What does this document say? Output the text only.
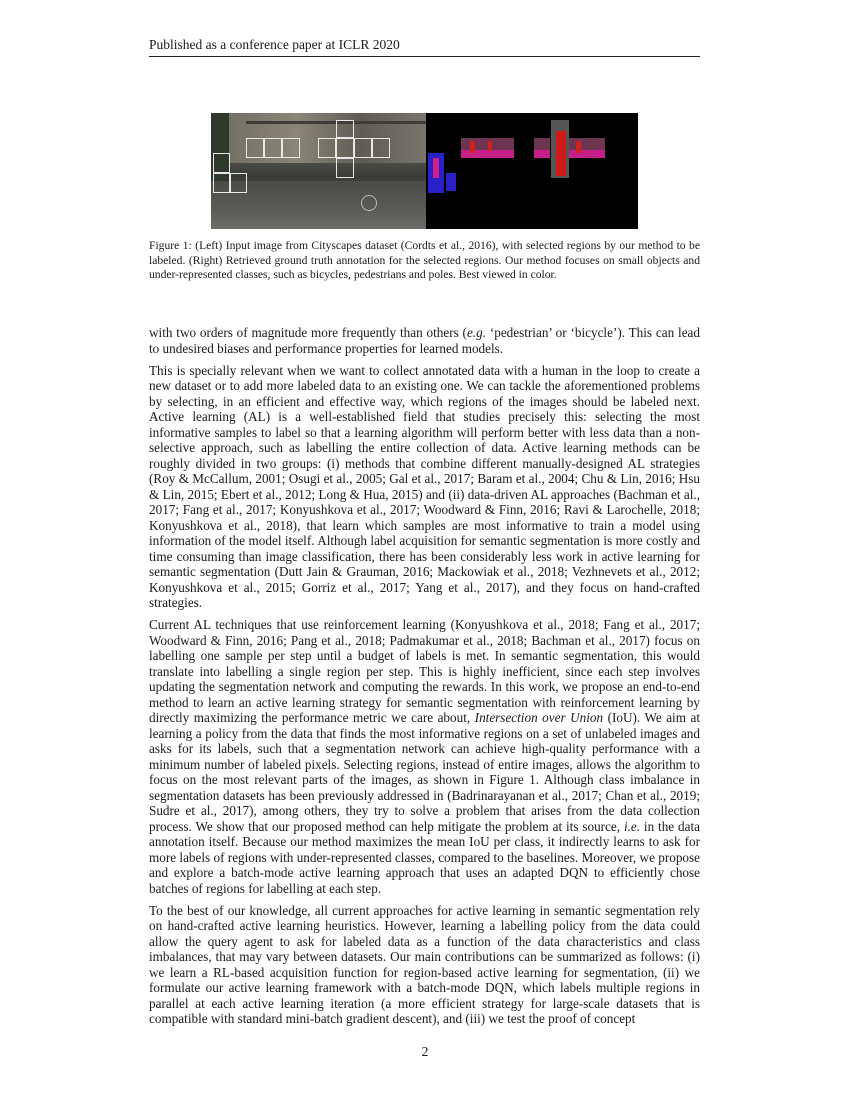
Published as a conference paper at ICLR 2020
Figure 1: (Left) Input image from Cityscapes dataset (Cordts et al., 2016), with selected regions by our method to be labeled. (Right) Retrieved ground truth annotation for the selected regions. Our method focuses on small objects and under-represented classes, such as bicycles, pedestrians and poles. Best viewed in color.

with two orders of magnitude more frequently than others (e.g. ‘pedestrian’ or ‘bicycle’). This can lead to undesired biases and performance properties for learned models.

This is specially relevant when we want to collect annotated data with a human in the loop to create a new dataset or to add more labeled data to an existing one. We can tackle the aforementioned problems by selecting, in an efficient and effective way, which regions of the images should be labeled next. Active learning (AL) is a well-established field that studies precisely this: selecting the most informative samples to label so that a learning algorithm will perform better with less data than a non-selective approach, such as labelling the entire collection of data. Active learning methods can be roughly divided in two groups: (i) methods that combine different manually-designed AL strategies (Roy & McCallum, 2001; Osugi et al., 2005; Gal et al., 2017; Baram et al., 2004; Chu & Lin, 2016; Hsu & Lin, 2015; Ebert et al., 2012; Long & Hua, 2015) and (ii) data-driven AL approaches (Bachman et al., 2017; Fang et al., 2017; Konyushkova et al., 2017; Woodward & Finn, 2016; Ravi & Larochelle, 2018; Konyushkova et al., 2018), that learn which samples are most informative to train a model using information of the model itself. Although label acquisition for semantic segmentation is more costly and time consuming than image classification, there has been considerably less work in active learning for semantic segmentation (Dutt Jain & Grauman, 2016; Mackowiak et al., 2018; Vezhnevets et al., 2012; Konyushkova et al., 2015; Gorriz et al., 2017; Yang et al., 2017), and they focus on hand-crafted strategies.

Current AL techniques that use reinforcement learning (Konyushkova et al., 2018; Fang et al., 2017; Woodward & Finn, 2016; Pang et al., 2018; Padmakumar et al., 2018; Bachman et al., 2017) focus on labelling one sample per step until a budget of labels is met. In semantic segmentation, this would translate into labelling a single region per step. This is highly inefficient, since each step involves updating the segmentation network and computing the rewards. In this work, we propose an end-to-end method to learn an active learning strategy for semantic segmentation with reinforcement learning by directly maximizing the performance metric we care about, Intersection over Union (IoU). We aim at learning a policy from the data that finds the most informative regions on a set of unlabeled images and asks for its labels, such that a segmentation network can achieve high-quality performance with a minimum number of labeled pixels. Selecting regions, instead of entire images, allows the algorithm to focus on the most relevant parts of the images, as shown in Figure 1. Although class imbalance in segmentation datasets has been previously addressed in (Badrinarayanan et al., 2017; Chan et al., 2019; Sudre et al., 2017), among others, they try to solve a problem that arises from the data collection process. We show that our proposed method can help mitigate the problem at its source, i.e. in the data annotation itself. Because our method maximizes the mean IoU per class, it indirectly learns to ask for more labels of regions with under-represented classes, compared to the baselines. Moreover, we propose and explore a batch-mode active learning approach that uses an adapted DQN to efficiently chose batches of regions for labelling at each step.

To the best of our knowledge, all current approaches for active learning in semantic segmentation rely on hand-crafted active learning heuristics. However, learning a labelling policy from the data could allow the query agent to ask for labeled data as a function of the data characteristics and class imbalances, that may vary between datasets. Our main contributions can be summarized as follows: (i) we learn a RL-based acquisition function for region-based active learning for segmentation, (ii) we formulate our active learning framework with a batch-mode DQN, which labels multiple regions in parallel at each active learning iteration (a more efficient strategy for large-scale datasets that is compatible with standard mini-batch gradient descent), and (iii) we test the proof of concept

2
